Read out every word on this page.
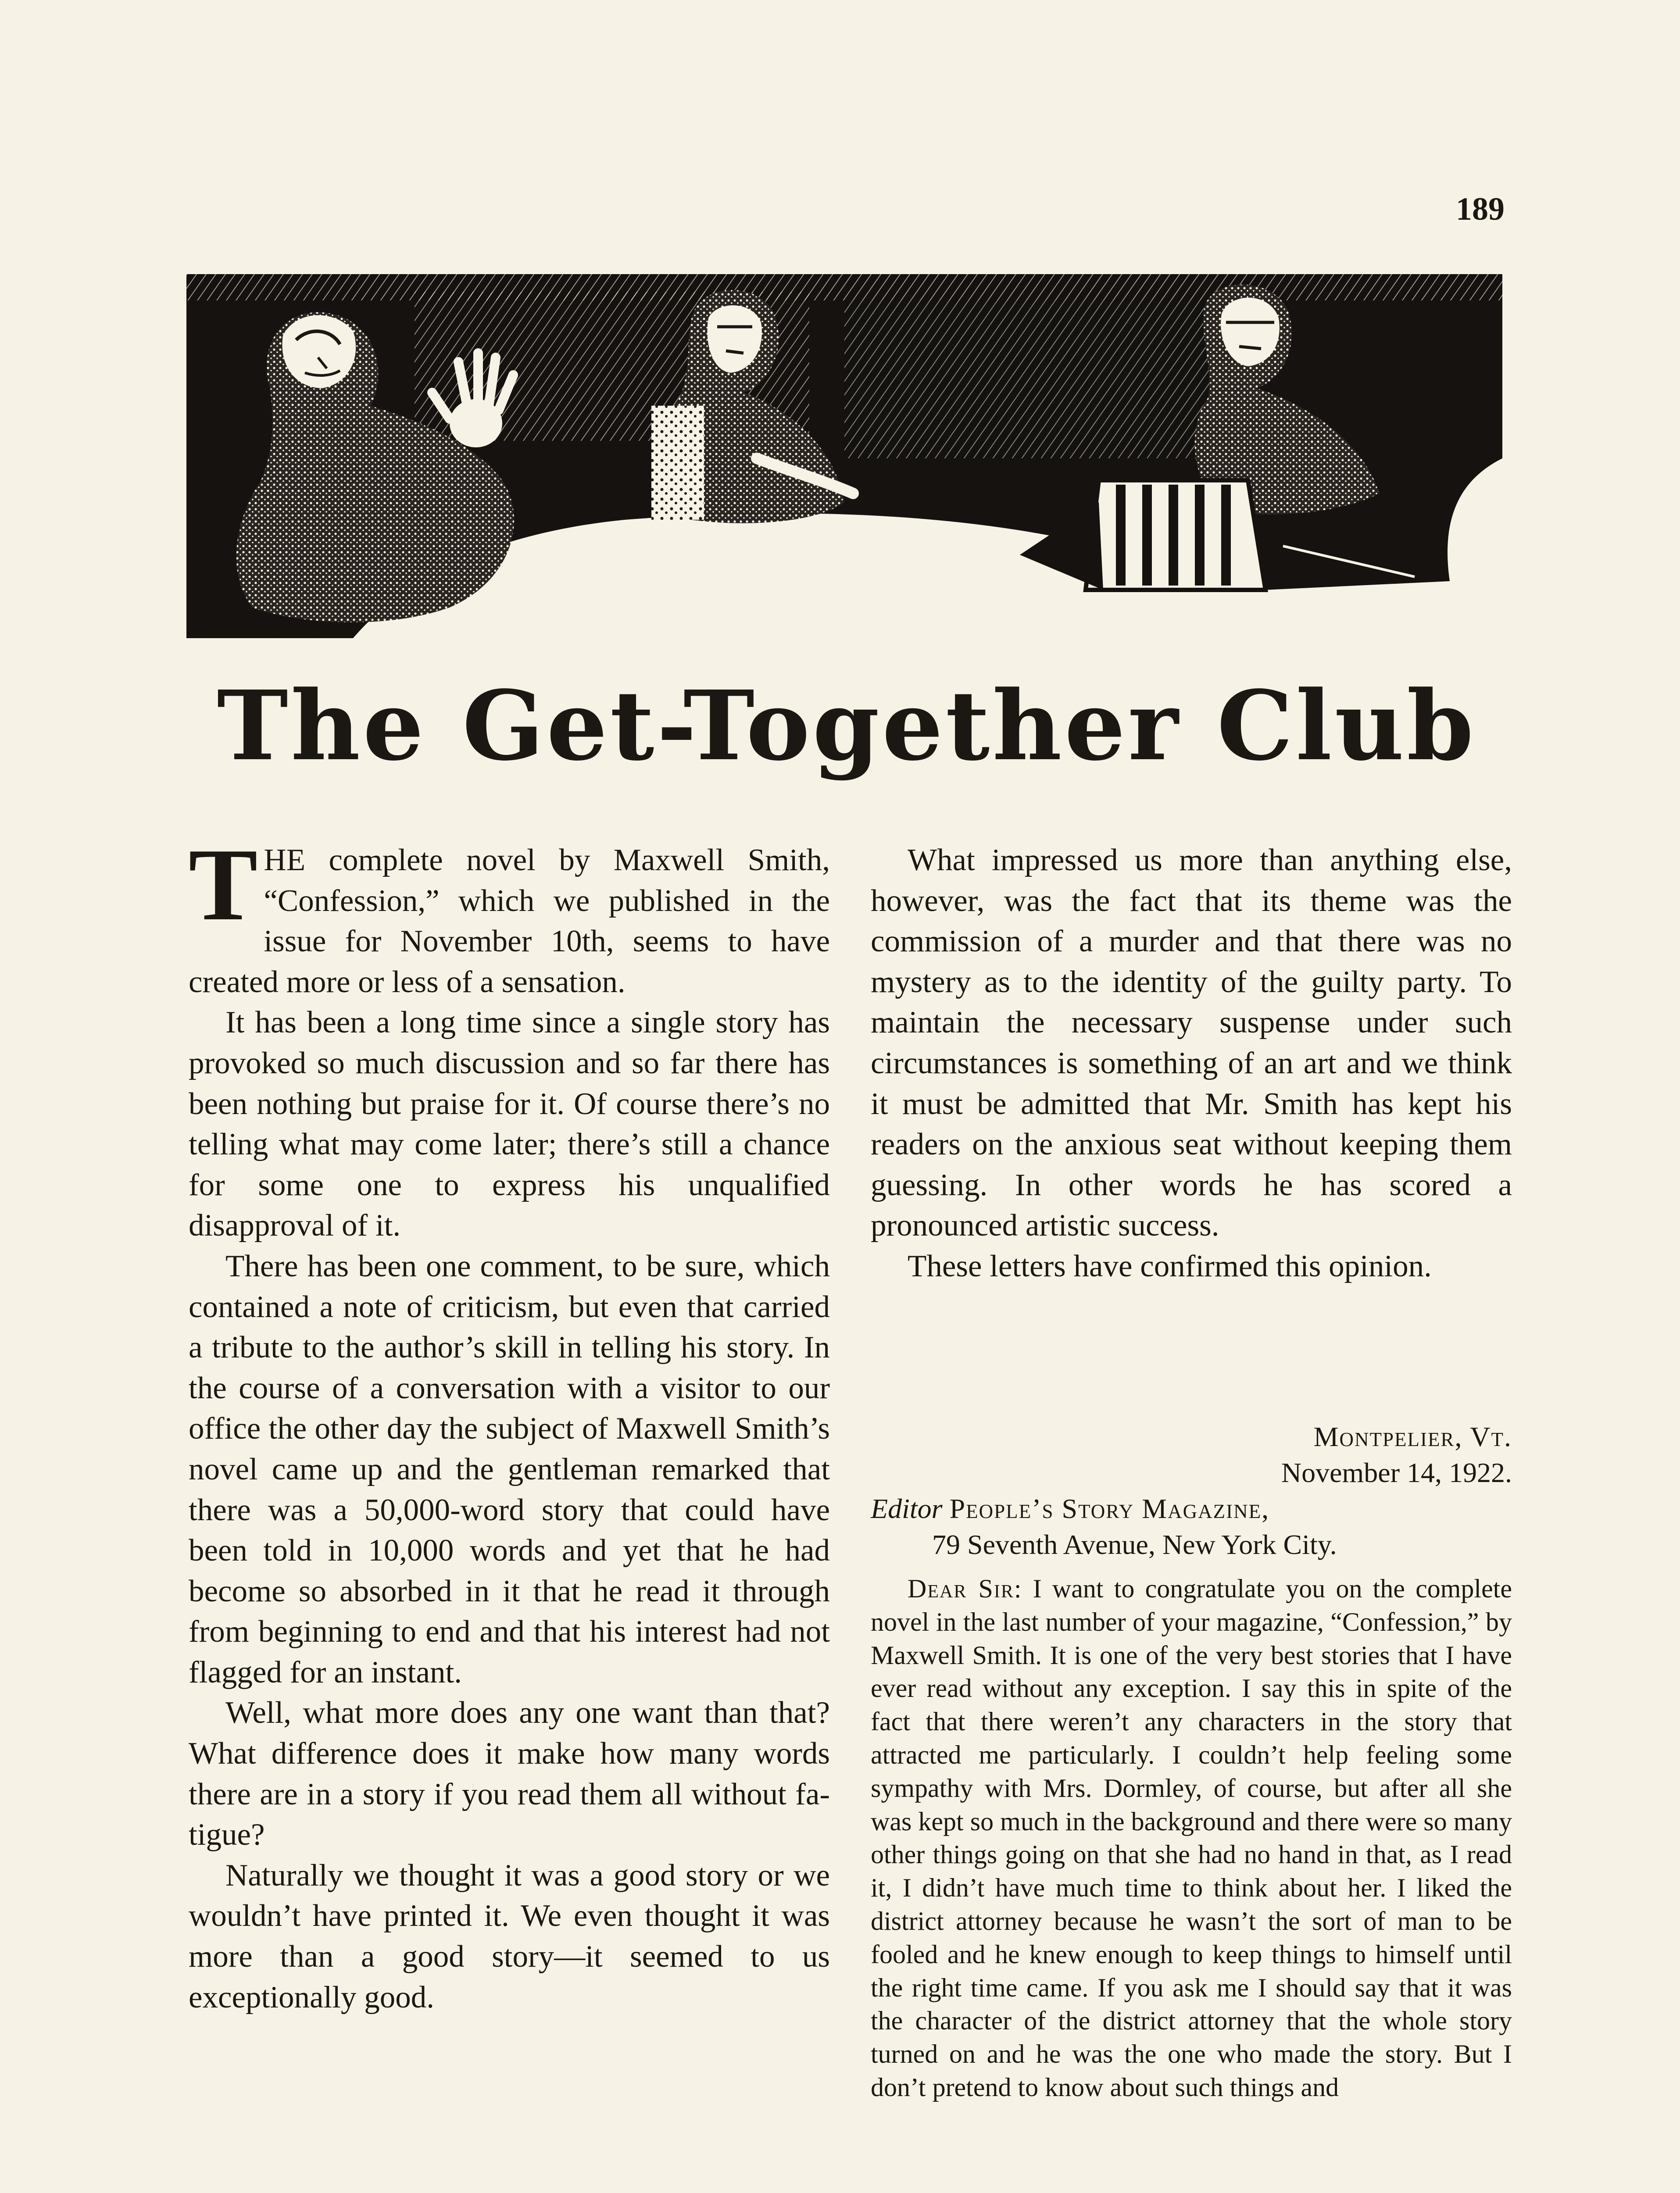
189
The Get-Together Club

THE complete novel by Maxwell Smith, “Confession,” which we published in the issue for November 10th, seems to have created more or less of a sensation.

It has been a long time since a single story has provoked so much discussion and so far there has been nothing but praise for it. Of course there’s no telling what may come later; there’s still a chance for some one to express his unqualified disapproval of it.

There has been one comment, to be sure, which contained a note of criticism, but even that carried a tribute to the author’s skill in telling his story. In the course of a conversation with a visitor to our office the other day the subject of Maxwell Smith’s novel came up and the gentleman remarked that there was a 50,000-word story that could have been told in 10,000 words and yet that he had become so absorbed in it that he read it through from beginning to end and that his interest had not flagged for an instant.

Well, what more does any one want than that? What difference does it make how many words there are in a story if you read them all without fatigue?

Naturally we thought it was a good story or we wouldn’t have printed it. We even thought it was more than a good story—it seemed to us exceptionally good.

What impressed us more than anything else, however, was the fact that its theme was the commission of a murder and that there was no mystery as to the identity of the guilty party. To maintain the necessary suspense under such circumstances is something of an art and we think it must be admitted that Mr. Smith has kept his readers on the anxious seat without keeping them guessing. In other words he has scored a pronounced artistic success.

These letters have confirmed this opinion.

Montpelier, Vt.
November 14, 1922.
Editor People’s Story Magazine,
79 Seventh Avenue, New York City.

Dear Sir: I want to congratulate you on the complete novel in the last number of your magazine, “Confession,” by Maxwell Smith. It is one of the very best stories that I have ever read without any exception. I say this in spite of the fact that there weren’t any characters in the story that attracted me particularly. I couldn’t help feeling some sympathy with Mrs. Dormley, of course, but after all she was kept so much in the background and there were so many other things going on that she had no hand in that, as I read it, I didn’t have much time to think about her. I liked the district attorney because he wasn’t the sort of man to be fooled and he knew enough to keep things to himself until the right time came. If you ask me I should say that it was the character of the district attorney that the whole story turned on and he was the one who made the story. But I don’t pretend to know about such things and
